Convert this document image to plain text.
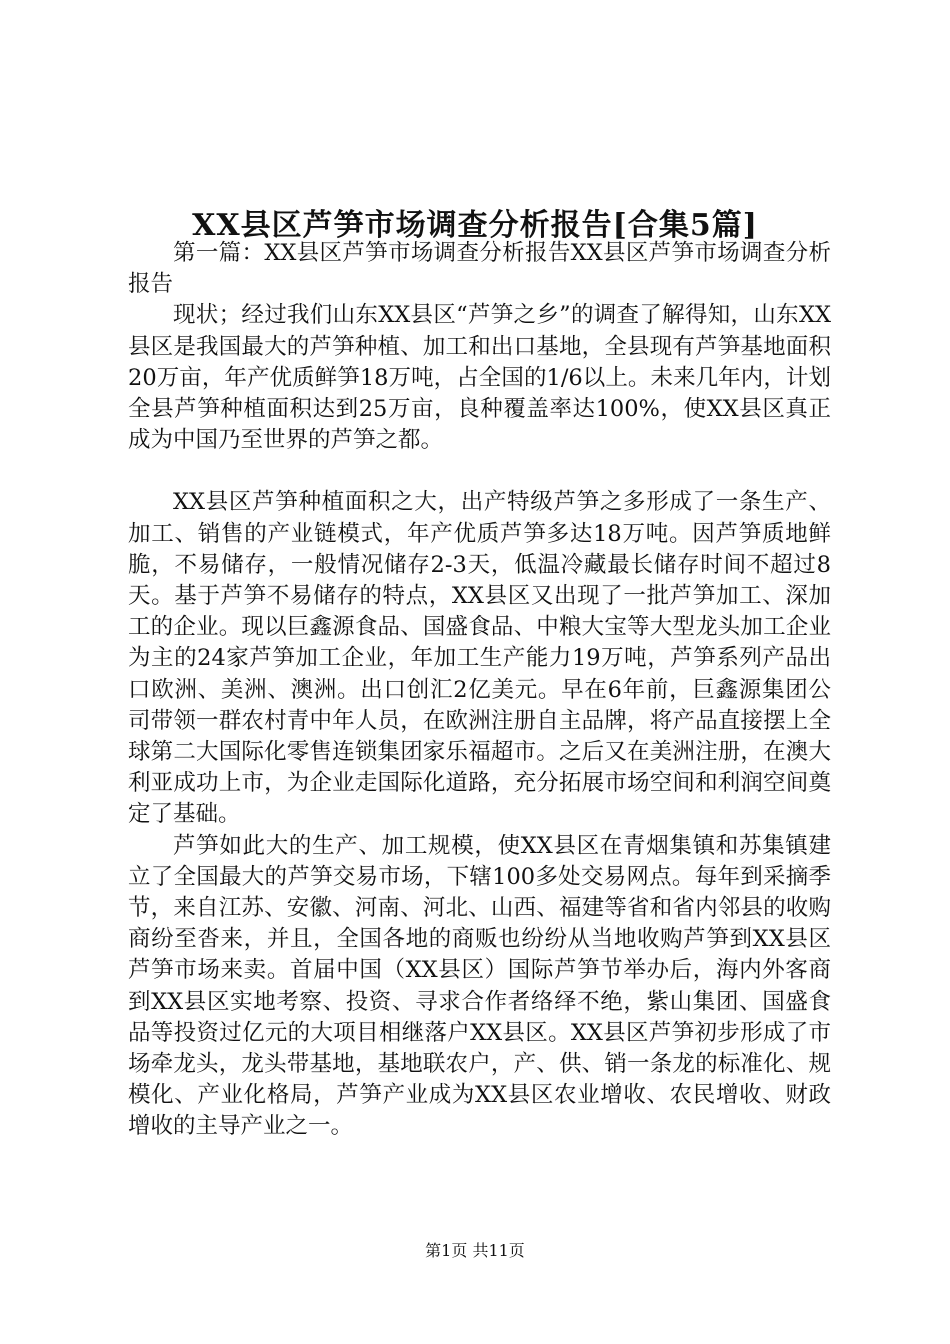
XX县区芦笋市场调查分析报告[合集5篇]

第一篇：XX县区芦笋市场调查分析报告XX县区芦笋市场调查分析报告

现状；经过我们山东XX县区“芦笋之乡”的调查了解得知，山东XX县区是我国最大的芦笋种植、加工和出口基地，全县现有芦笋基地面积20万亩，年产优质鲜笋18万吨，占全国的1/6以上。未来几年内，计划全县芦笋种植面积达到25万亩，良种覆盖率达100%，使XX县区真正成为中国乃至世界的芦笋之都。

XX县区芦笋种植面积之大，出产特级芦笋之多形成了一条生产、加工、销售的产业链模式，年产优质芦笋多达18万吨。因芦笋质地鲜脆，不易储存，一般情况储存2-3天，低温冷藏最长储存时间不超过8天。基于芦笋不易储存的特点，XX县区又出现了一批芦笋加工、深加工的企业。现以巨鑫源食品、国盛食品、中粮大宝等大型龙头加工企业为主的24家芦笋加工企业，年加工生产能力19万吨，芦笋系列产品出口欧洲、美洲、澳洲。出口创汇2亿美元。早在6年前，巨鑫源集团公司带领一群农村青中年人员，在欧洲注册自主品牌，将产品直接摆上全球第二大国际化零售连锁集团家乐福超市。之后又在美洲注册，在澳大利亚成功上市，为企业走国际化道路，充分拓展市场空间和利润空间奠定了基础。

芦笋如此大的生产、加工规模，使XX县区在青烟集镇和苏集镇建立了全国最大的芦笋交易市场，下辖100多处交易网点。每年到采摘季节，来自江苏、安徽、河南、河北、山西、福建等省和省内邻县的收购商纷至沓来，并且，全国各地的商贩也纷纷从当地收购芦笋到XX县区芦笋市场来卖。首届中国（XX县区）国际芦笋节举办后，海内外客商到XX县区实地考察、投资、寻求合作者络绎不绝，紫山集团、国盛食品等投资过亿元的大项目相继落户XX县区。XX县区芦笋初步形成了市场牵龙头，龙头带基地，基地联农户，产、供、销一条龙的标准化、规模化、产业化格局，芦笋产业成为XX县区农业增收、农民增收、财政增收的主导产业之一。

第1页 共11页
